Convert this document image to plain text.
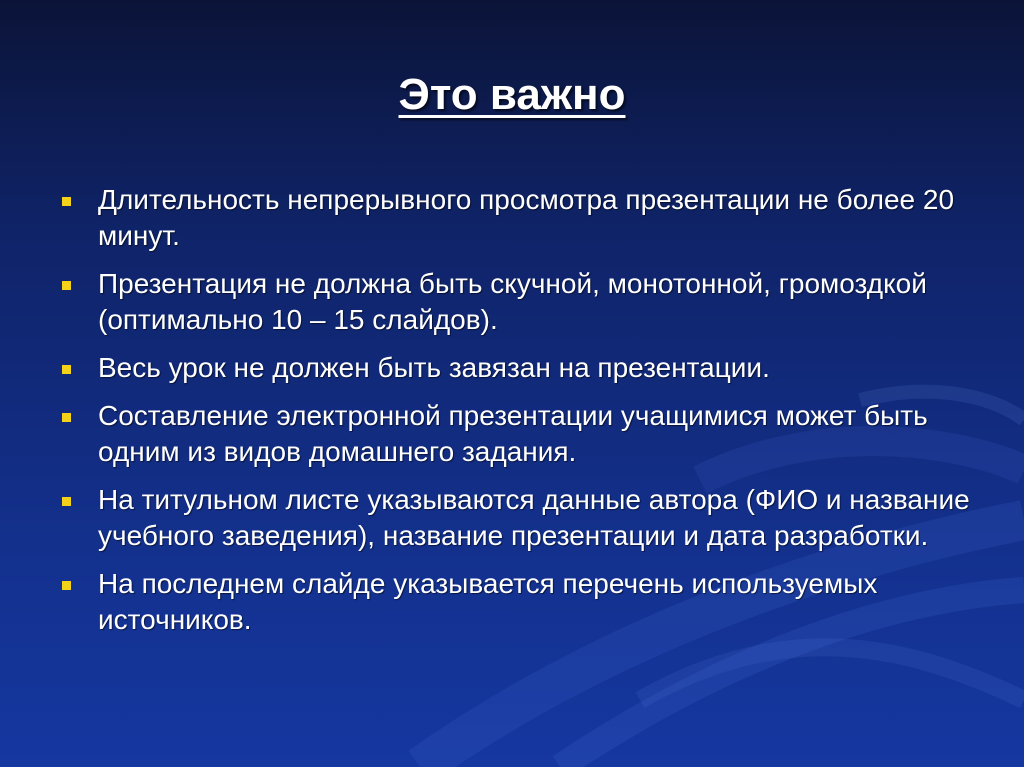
Это важно
Длительность непрерывного просмотра презентации не более 20 минут.
Презентация не должна быть скучной, монотонной, громоздкой (оптимально 10 – 15 слайдов).
Весь урок не должен быть завязан на презентации.
Составление электронной презентации учащимися может быть одним из видов домашнего задания.
На титульном листе указываются данные автора (ФИО и название учебного заведения), название презентации и дата разработки.
На последнем слайде указывается перечень используемых источников.
